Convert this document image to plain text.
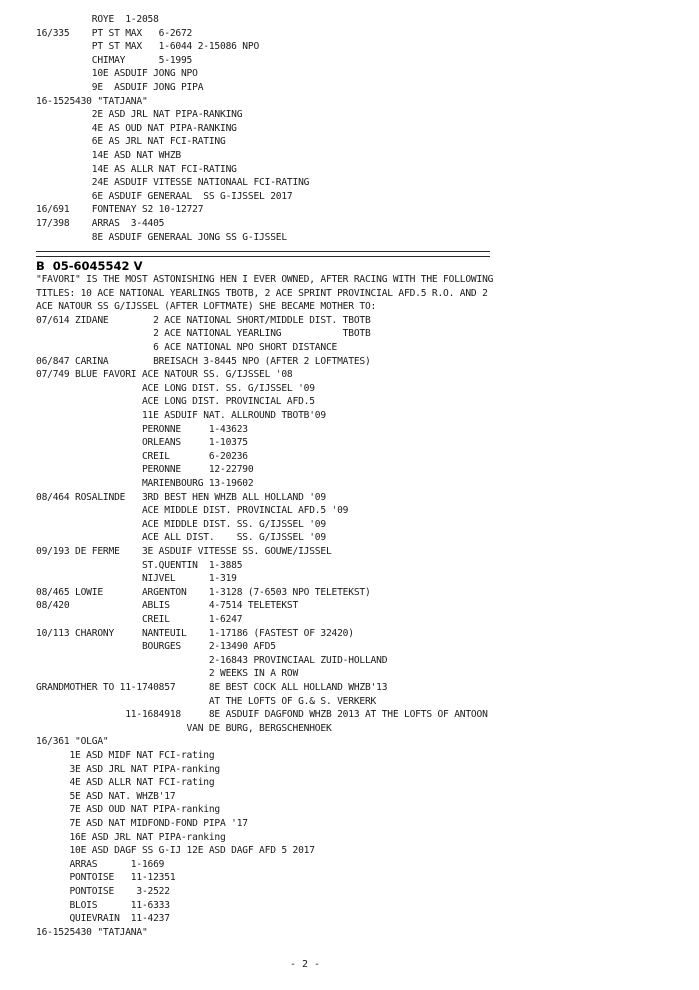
ROYE  1-2058
16/335    PT ST MAX   6-2672
PT ST MAX   1-6044 2-15086 NPO
CHIMAY      5-1995
10E ASDUIF JONG NPO
9E  ASDUIF JONG PIPA
16-1525430 "TATJANA"
2E ASD JRL NAT PIPA-RANKING
4E AS OUD NAT PIPA-RANKING
6E AS JRL NAT FCI-RATING
14E ASD NAT WHZB
14E AS ALLR NAT FCI-RATING
24E ASDUIF VITESSE NATIONAAL FCI-RATING
6E ASDUIF GENERAAL  SS G-IJSSEL 2017
16/691    FONTENAY S2 10-12727
17/398    ARRAS  3-4405
8E ASDUIF GENERAAL JONG SS G-IJSSEL
B  05-6045542 V
"FAVORI" IS THE MOST ASTONISHING HEN I EVER OWNED, AFTER RACING WITH THE FOLLOWING
TITLES: 10 ACE NATIONAL YEARLINGS TBOTB, 2 ACE SPRINT PROVINCIAL AFD.5 R.O. AND 2
ACE NATOUR SS G/IJSSEL (AFTER LOFTMATE) SHE BECAME MOTHER TO:
07/614 ZIDANE        2 ACE NATIONAL SHORT/MIDDLE DIST. TBOTB
2 ACE NATIONAL YEARLING           TBOTB
6 ACE NATIONAL NPO SHORT DISTANCE
06/847 CARINA        BREISACH 3-8445 NPO (AFTER 2 LOFTMATES)
07/749 BLUE FAVORI ACE NATOUR SS. G/IJSSEL '08
ACE LONG DIST. SS. G/IJSSEL '09
ACE LONG DIST. PROVINCIAL AFD.5
11E ASDUIF NAT. ALLROUND TBOTB'09
PERONNE     1-43623
ORLEANS     1-10375
CREIL       6-20236
PERONNE     12-22790
MARIENBOURG 13-19602
08/464 ROSALINDE   3RD BEST HEN WHZB ALL HOLLAND '09
ACE MIDDLE DIST. PROVINCIAL AFD.5 '09
ACE MIDDLE DIST. SS. G/IJSSEL '09
ACE ALL DIST.    SS. G/IJSSEL '09
09/193 DE FERME    3E ASDUIF VITESSE SS. GOUWE/IJSSEL
ST.QUENTIN  1-3885
NIJVEL      1-319
08/465 LOWIE       ARGENTON    1-3128 (7-6503 NPO TELETEKST)
08/420             ABLIS       4-7514 TELETEKST
CREIL       1-6247
10/113 CHARONY     NANTEUIL    1-17186 (FASTEST OF 32420)
BOURGES     2-13490 AFD5
2-16843 PROVINCIAAL ZUID-HOLLAND
2 WEEKS IN A ROW
GRANDMOTHER TO 11-1740857      8E BEST COCK ALL HOLLAND WHZB'13
AT THE LOFTS OF G.& S. VERKERK
11-1684918     8E ASDUIF DAGFOND WHZB 2013 AT THE LOFTS OF ANTOON
VAN DE BURG, BERGSCHENHOEK
16/361 "OLGA"
1E ASD MIDF NAT FCI-rating
3E ASD JRL NAT PIPA-ranking
4E ASD ALLR NAT FCI-rating
5E ASD NAT. WHZB'17
7E ASD OUD NAT PIPA-ranking
7E ASD NAT MIDFOND-FOND PIPA '17
16E ASD JRL NAT PIPA-ranking
10E ASD DAGF SS G-IJ 12E ASD DAGF AFD 5 2017
ARRAS      1-1669
PONTOISE   11-12351
PONTOISE    3-2522
BLOIS      11-6333
QUIEVRAIN  11-4237
16-1525430 "TATJANA"
- 2 -
